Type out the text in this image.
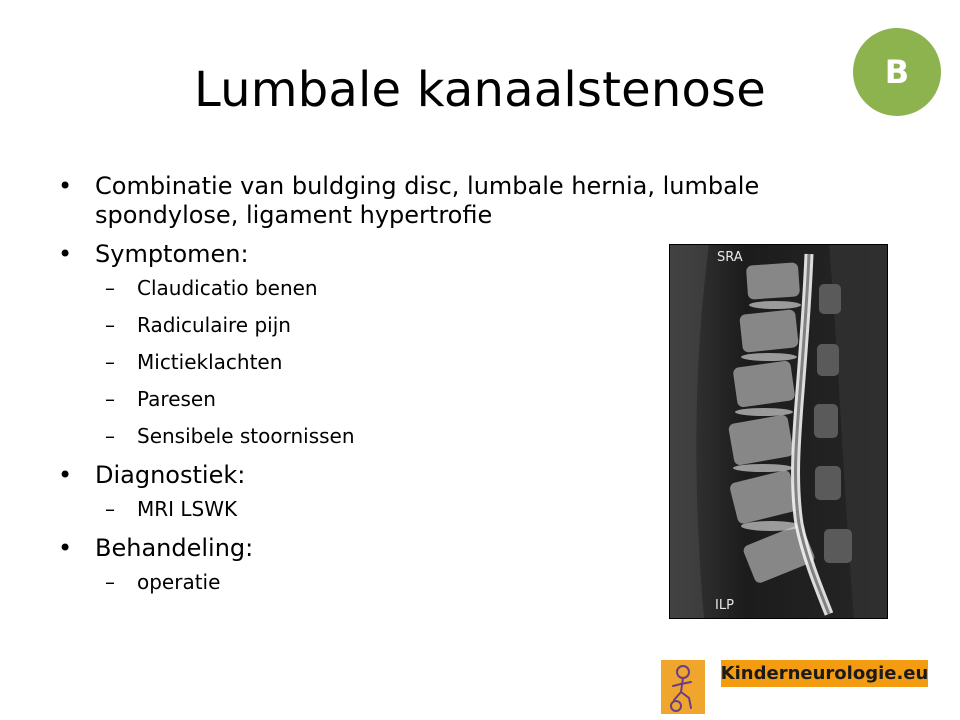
Lumbale kanaalstenose	B
• Combinatie van buldging disc, lumbale hernia, lumbale spondylose, ligament hypertrofie
• Symptomen:
– Claudicatio benen
– Radiculaire pijn
– Mictieklachten
– Paresen
– Sensibele stoornissen
• Diagnostiek:
– MRI LSWK
• Behandeling:
– operatie
SRA
ILP
Kinderneurologie.eu
